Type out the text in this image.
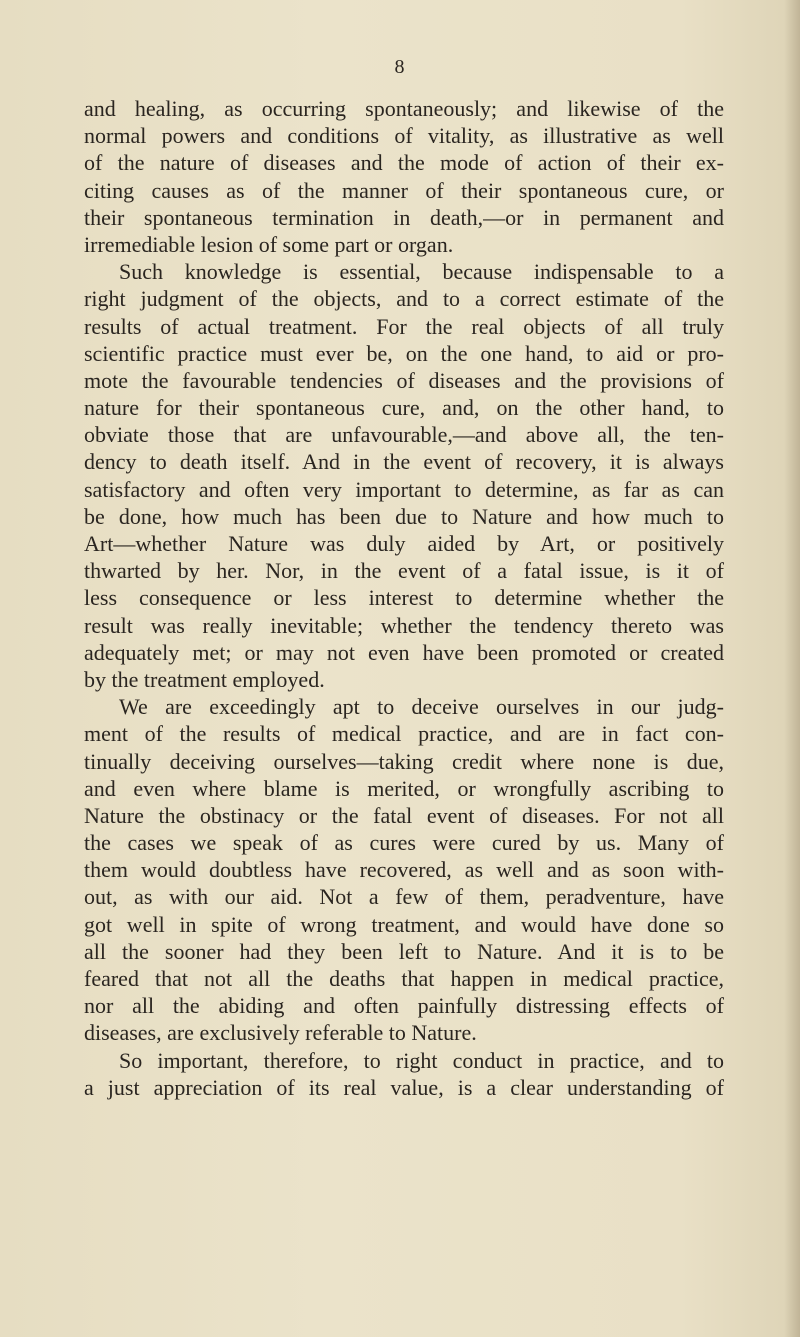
8
and healing, as occurring spontaneously; and likewise of the
normal powers and conditions of vitality, as illustrative as well
of the nature of diseases and the mode of action of their ex-
citing causes as of the manner of their spontaneous cure, or
their spontaneous termination in death,—or in permanent and
irremediable lesion of some part or organ.
Such knowledge is essential, because indispensable to a
right judgment of the objects, and to a correct estimate of the
results of actual treatment. For the real objects of all truly
scientific practice must ever be, on the one hand, to aid or pro-
mote the favourable tendencies of diseases and the provisions of
nature for their spontaneous cure, and, on the other hand, to
obviate those that are unfavourable,—and above all, the ten-
dency to death itself. And in the event of recovery, it is always
satisfactory and often very important to determine, as far as can
be done, how much has been due to Nature and how much to
Art—whether Nature was duly aided by Art, or positively
thwarted by her. Nor, in the event of a fatal issue, is it of
less consequence or less interest to determine whether the
result was really inevitable; whether the tendency thereto was
adequately met; or may not even have been promoted or created
by the treatment employed.
We are exceedingly apt to deceive ourselves in our judg-
ment of the results of medical practice, and are in fact con-
tinually deceiving ourselves—taking credit where none is due,
and even where blame is merited, or wrongfully ascribing to
Nature the obstinacy or the fatal event of diseases. For not all
the cases we speak of as cures were cured by us. Many of
them would doubtless have recovered, as well and as soon with-
out, as with our aid. Not a few of them, peradventure, have
got well in spite of wrong treatment, and would have done so
all the sooner had they been left to Nature. And it is to be
feared that not all the deaths that happen in medical practice,
nor all the abiding and often painfully distressing effects of
diseases, are exclusively referable to Nature.
So important, therefore, to right conduct in practice, and to
a just appreciation of its real value, is a clear understanding of
